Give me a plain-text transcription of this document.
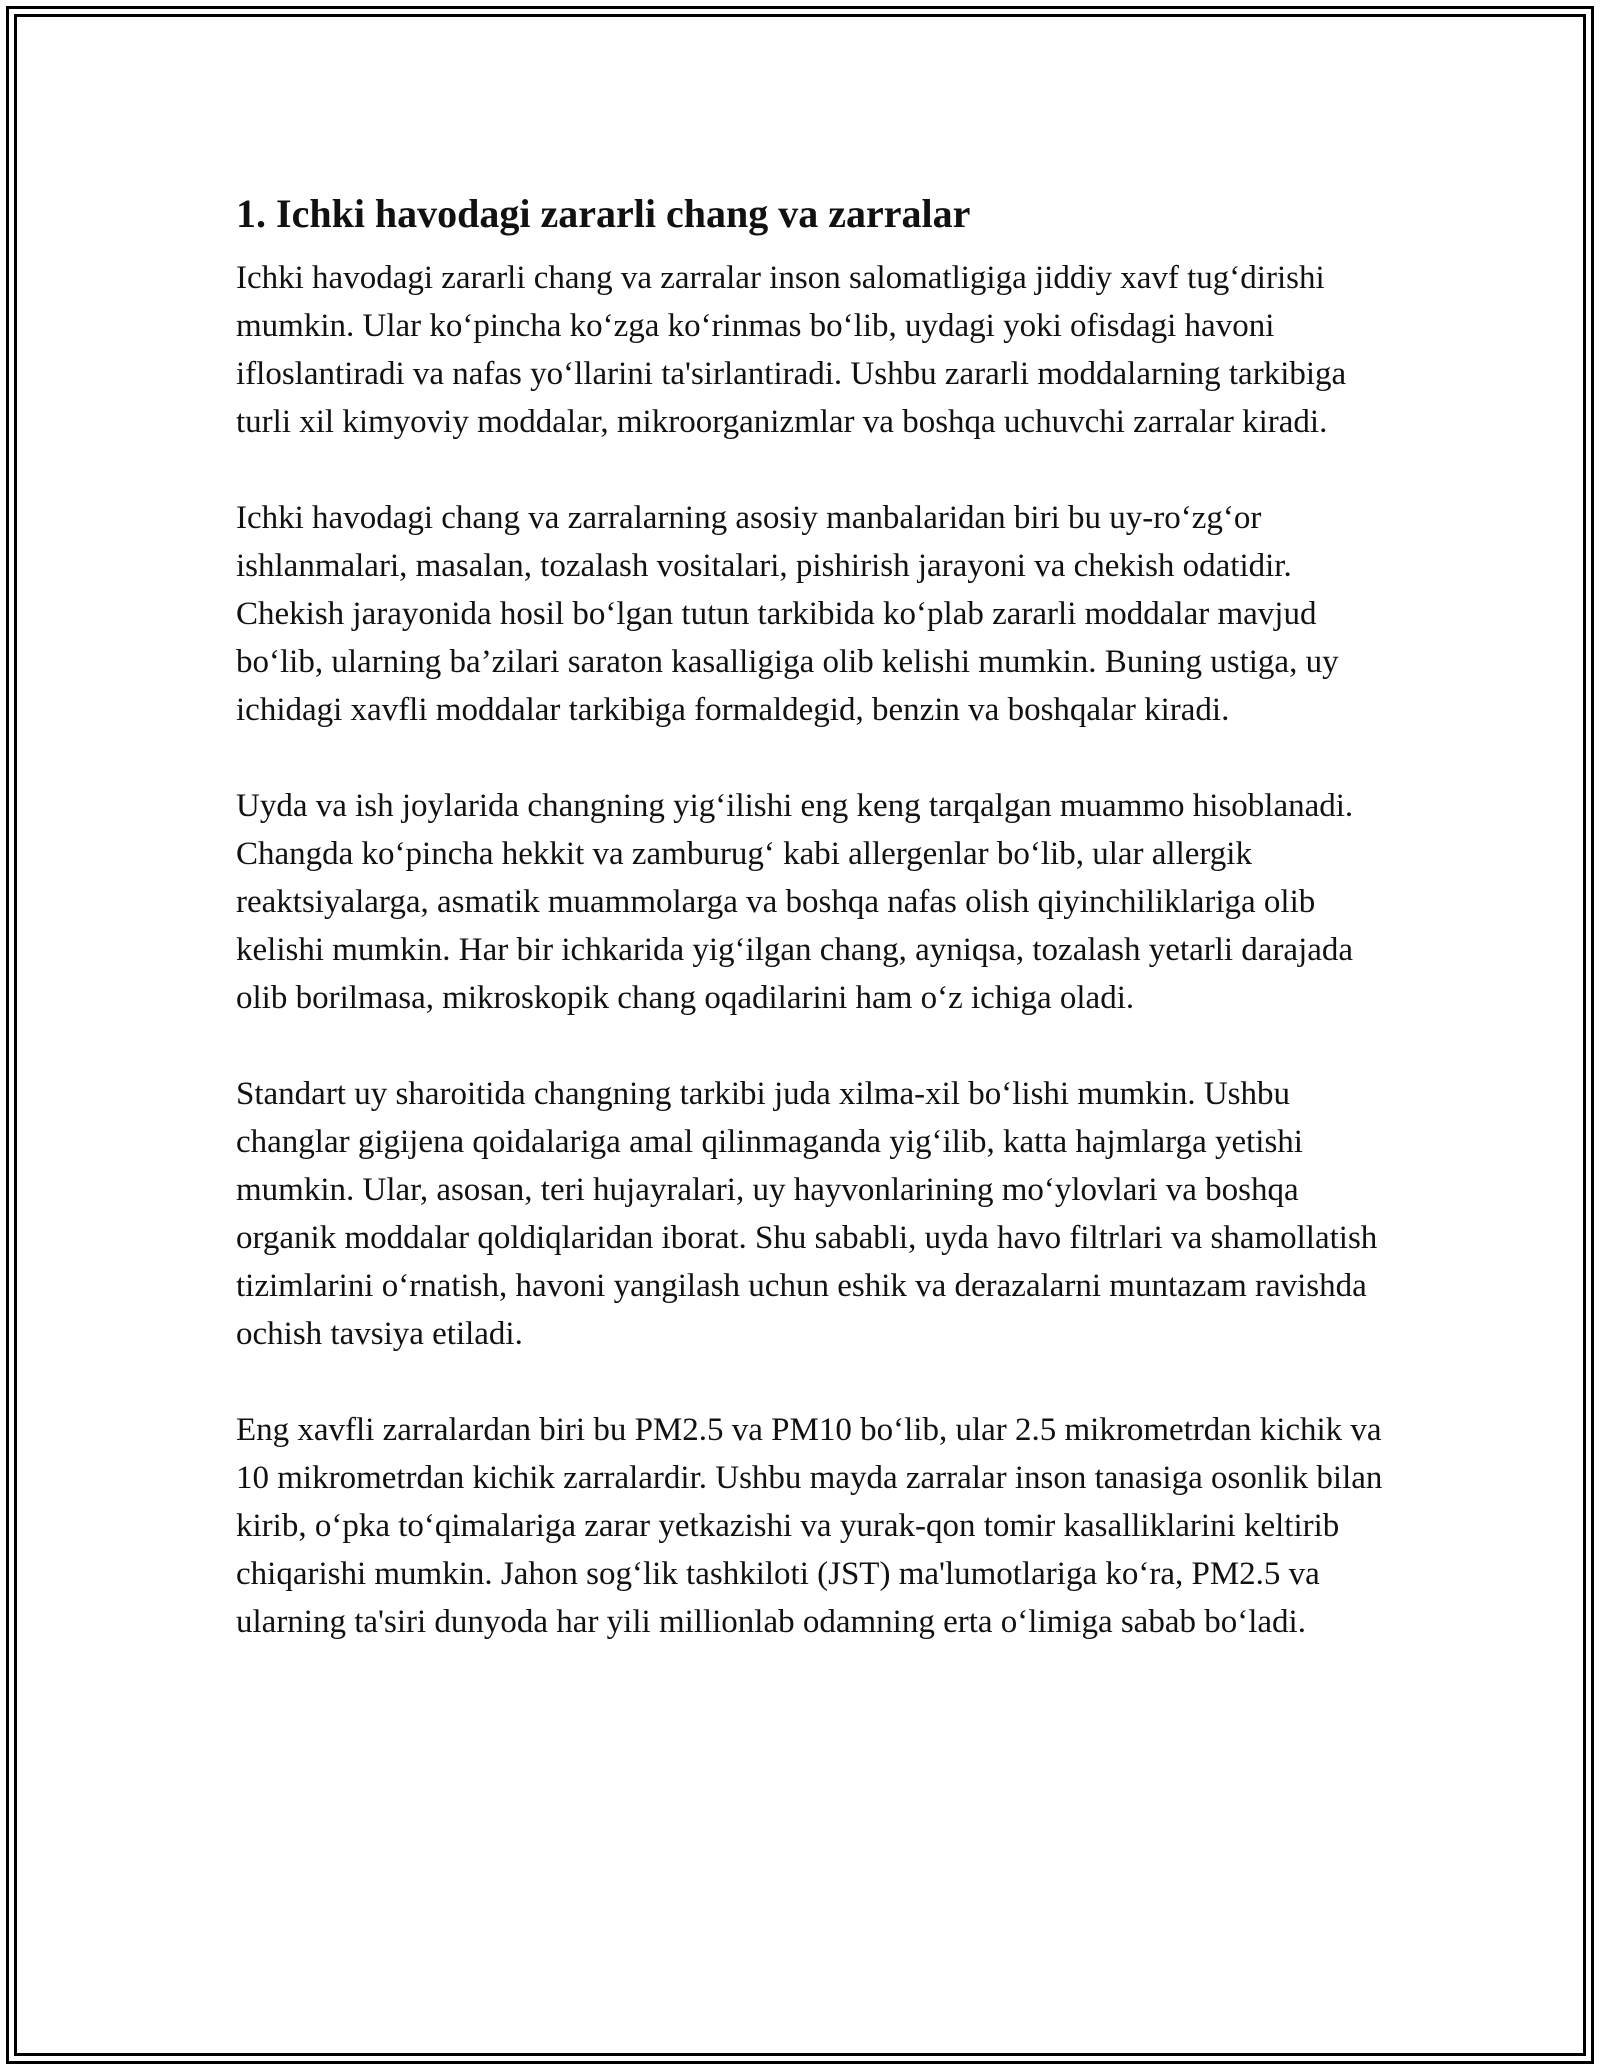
1. Ichki havodagi zararli chang va zarralar

Ichki havodagi zararli chang va zarralar inson salomatligiga jiddiy xavf tug‘dirishi mumkin. Ular ko‘pincha ko‘zga ko‘rinmas bo‘lib, uydagi yoki ofisdagi havoni ifloslantiradi va nafas yo‘llarini ta'sirlantiradi. Ushbu zararli moddalarning tarkibiga turli xil kimyoviy moddalar, mikroorganizmlar va boshqa uchuvchi zarralar kiradi.

Ichki havodagi chang va zarralarning asosiy manbalaridan biri bu uy-ro‘zg‘or ishlanmalari, masalan, tozalash vositalari, pishirish jarayoni va chekish odatidir. Chekish jarayonida hosil bo‘lgan tutun tarkibida ko‘plab zararli moddalar mavjud bo‘lib, ularning ba’zilari saraton kasalligiga olib kelishi mumkin. Buning ustiga, uy ichidagi xavfli moddalar tarkibiga formaldegid, benzin va boshqalar kiradi.

Uyda va ish joylarida changning yig‘ilishi eng keng tarqalgan muammo hisoblanadi. Changda ko‘pincha hekkit va zamburug‘ kabi allergenlar bo‘lib, ular allergik reaktsiyalarga, asmatik muammolarga va boshqa nafas olish qiyinchiliklariga olib kelishi mumkin. Har bir ichkarida yig‘ilgan chang, ayniqsa, tozalash yetarli darajada olib borilmasa, mikroskopik chang oqadilarini ham o‘z ichiga oladi.

Standart uy sharoitida changning tarkibi juda xilma-xil bo‘lishi mumkin. Ushbu changlar gigijena qoidalariga amal qilinmaganda yig‘ilib, katta hajmlarga yetishi mumkin. Ular, asosan, teri hujayralari, uy hayvonlarining mo‘ylovlari va boshqa organik moddalar qoldiqlaridan iborat. Shu sababli, uyda havo filtrlari va shamollatish tizimlarini o‘rnatish, havoni yangilash uchun eshik va derazalarni muntazam ravishda ochish tavsiya etiladi.

Eng xavfli zarralardan biri bu PM2.5 va PM10 bo‘lib, ular 2.5 mikrometrdan kichik va 10 mikrometrdan kichik zarralardir. Ushbu mayda zarralar inson tanasiga osonlik bilan kirib, o‘pka to‘qimalariga zarar yetkazishi va yurak-qon tomir kasalliklarini keltirib chiqarishi mumkin. Jahon sog‘lik tashkiloti (JST) ma'lumotlariga ko‘ra, PM2.5 va ularning ta'siri dunyoda har yili millionlab odamning erta o‘limiga sabab bo‘ladi.
